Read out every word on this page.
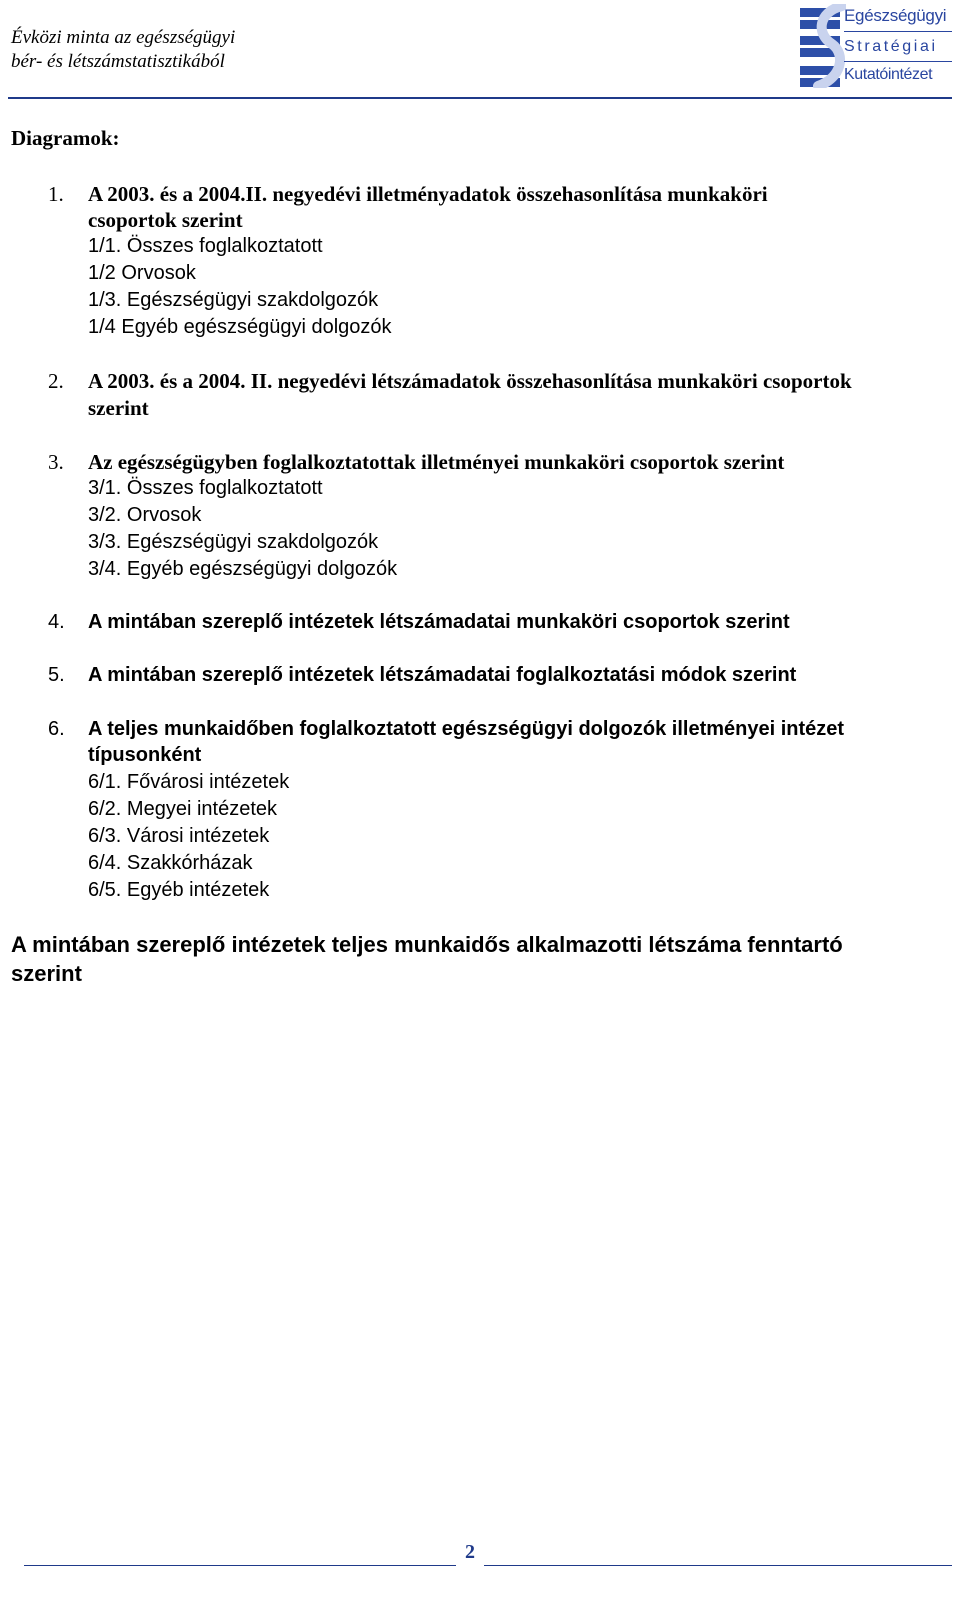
Évközi minta az egészségügyi
bér- és létszámstatisztikából
Egészségügyi
Stratégiai
Kutatóintézet
Diagramok:
1. A 2003. és a 2004.II. negyedévi illetményadatok összehasonlítása munkaköri
csoportok szerint
1/1. Összes foglalkoztatott
1/2 Orvosok
1/3. Egészségügyi szakdolgozók
1/4 Egyéb egészségügyi dolgozók
2. A 2003. és a 2004. II. negyedévi létszámadatok összehasonlítása munkaköri csoportok
szerint
3. Az egészségügyben foglalkoztatottak illetményei munkaköri csoportok szerint
3/1. Összes foglalkoztatott
3/2. Orvosok
3/3. Egészségügyi szakdolgozók
3/4. Egyéb egészségügyi dolgozók
4. A mintában szereplő intézetek létszámadatai munkaköri csoportok szerint
5. A mintában szereplő intézetek létszámadatai foglalkoztatási módok szerint
6. A teljes munkaidőben foglalkoztatott egészségügyi dolgozók illetményei intézet
típusonként
6/1. Fővárosi intézetek
6/2. Megyei intézetek
6/3. Városi intézetek
6/4. Szakkórházak
6/5. Egyéb intézetek
A mintában szereplő intézetek teljes munkaidős alkalmazotti létszáma fenntartó szerint
2
